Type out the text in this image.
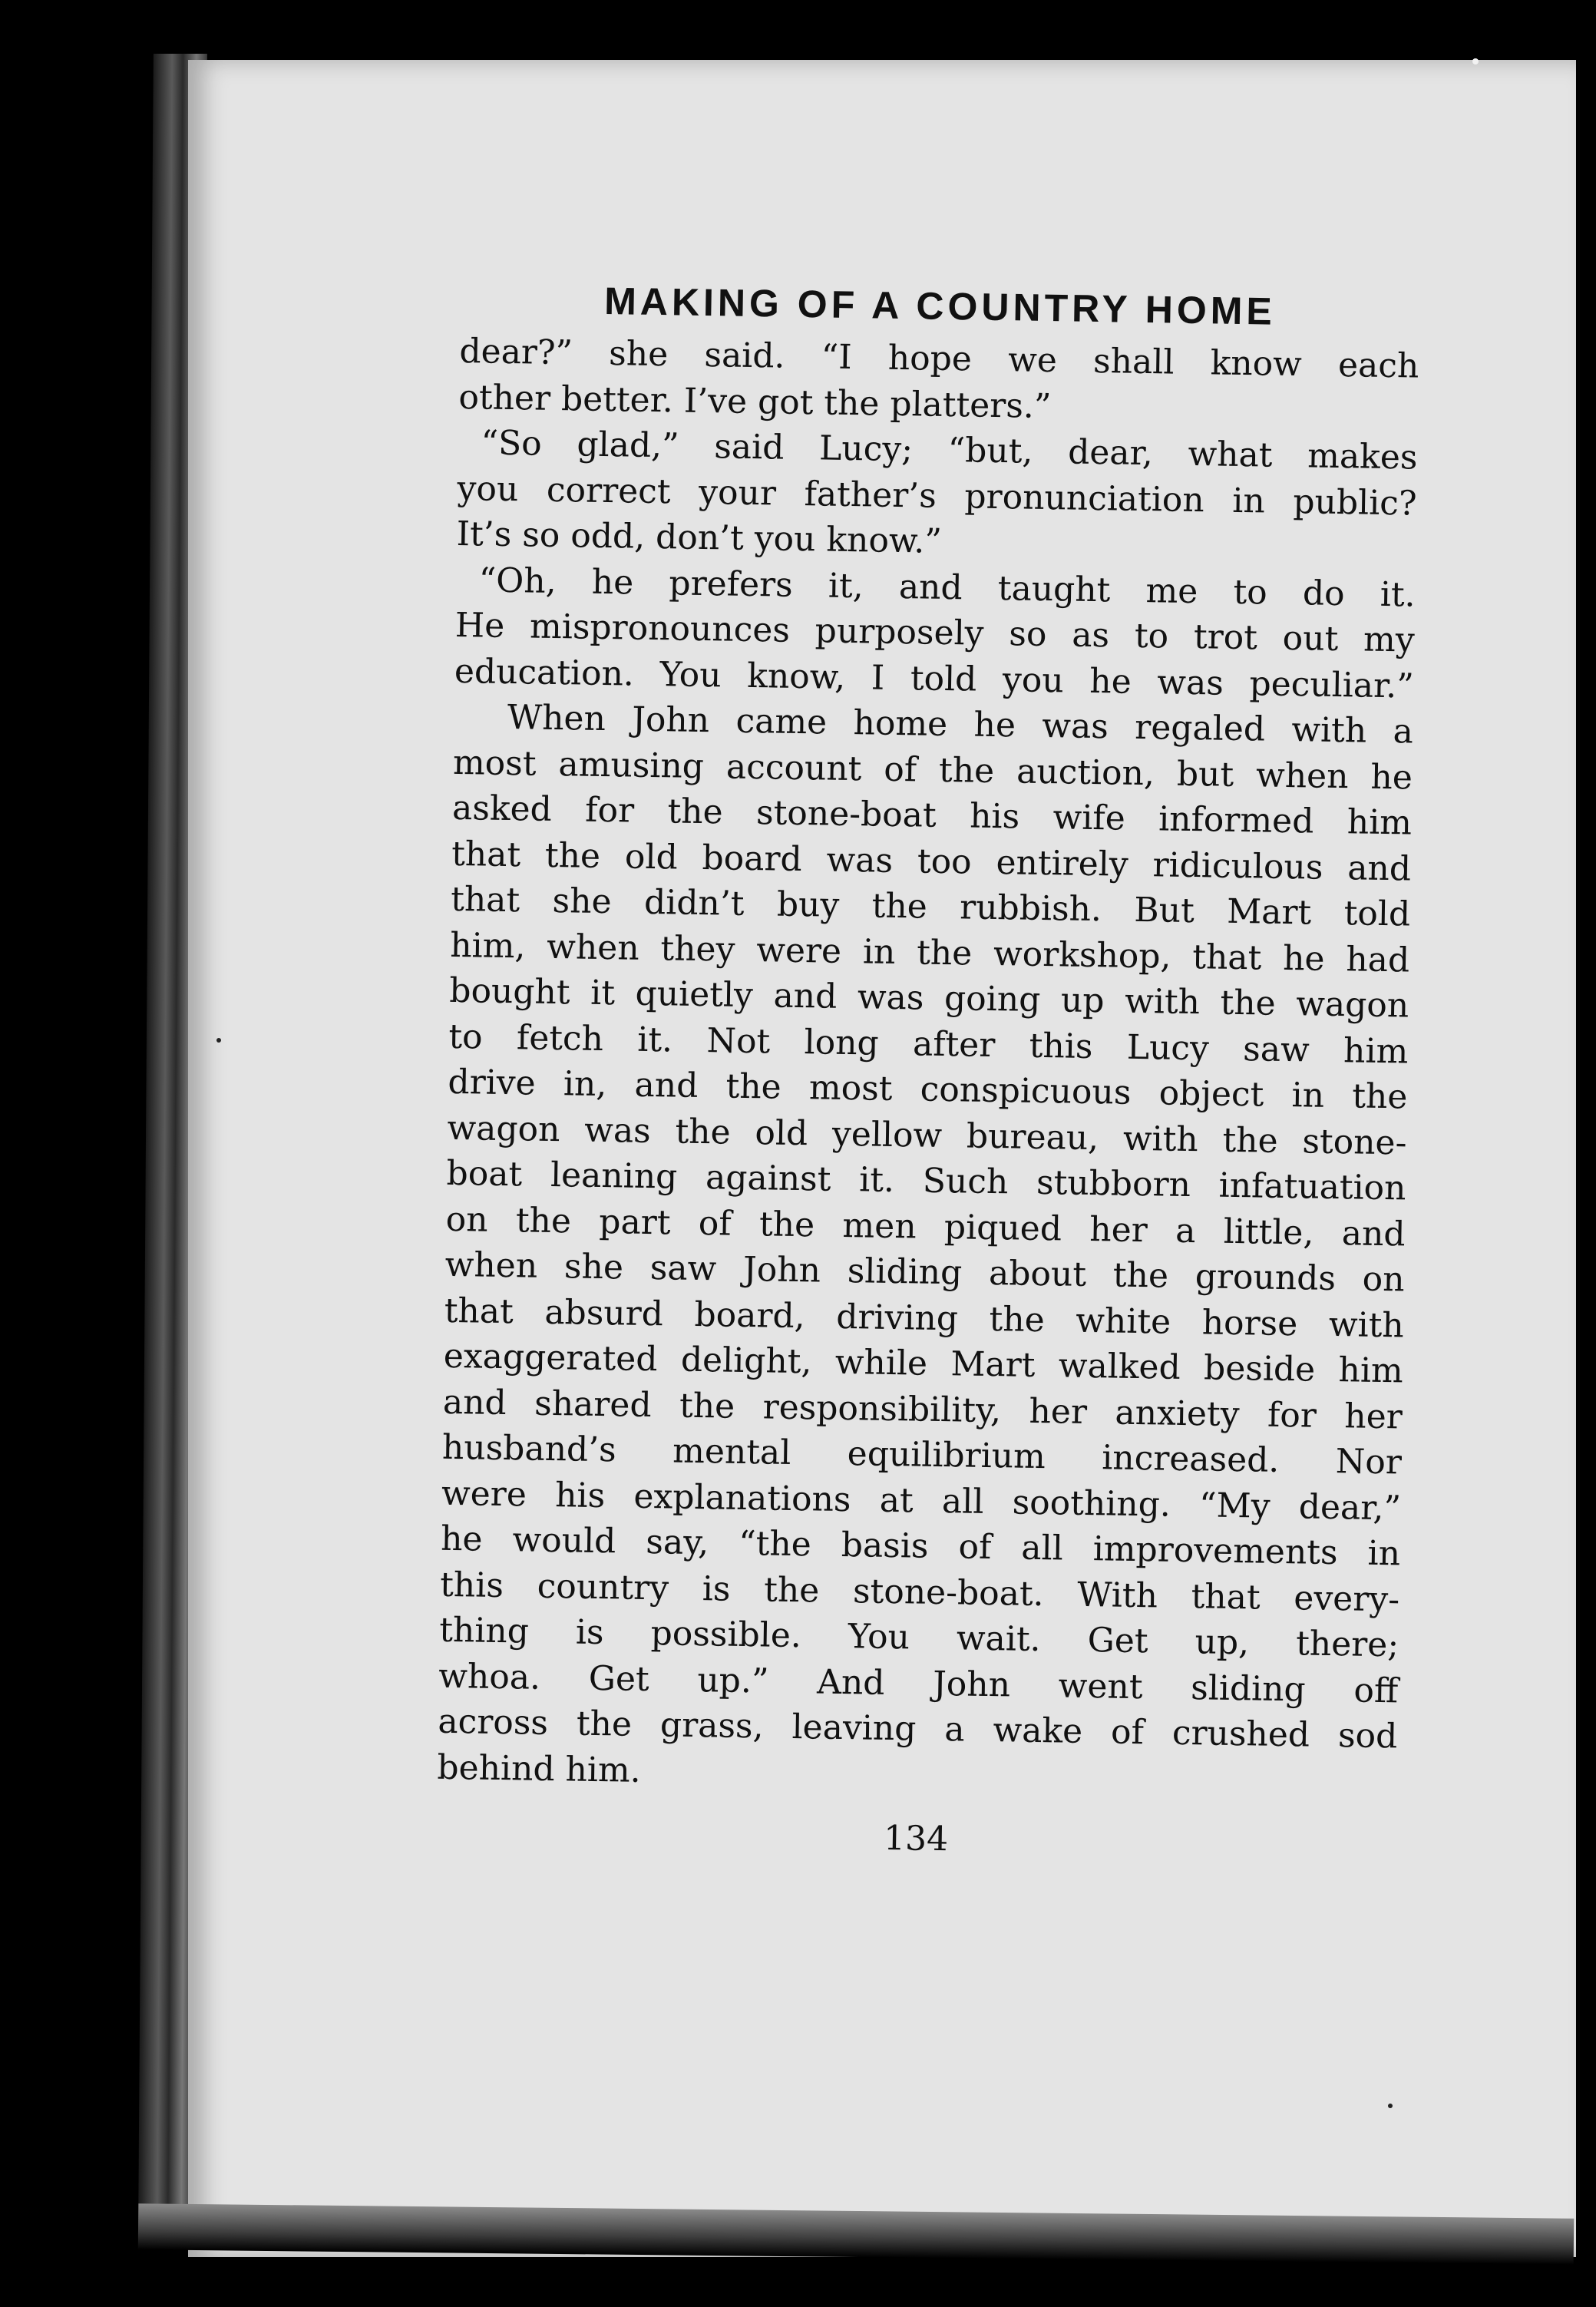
MAKING OF A COUNTRY HOME
dear?” she said. “I hope we shall know each
other better. I’ve got the platters.”
“So glad,” said Lucy; “but, dear, what makes
you correct your father’s pronunciation in public?
It’s so odd, don’t you know.”
“Oh, he prefers it, and taught me to do it.
He mispronounces purposely so as to trot out my
education. You know, I told you he was peculiar.”
When John came home he was regaled with a
most amusing account of the auction, but when he
asked for the stone-boat his wife informed him
that the old board was too entirely ridiculous and
that she didn’t buy the rubbish. But Mart told
him, when they were in the workshop, that he had
bought it quietly and was going up with the wagon
to fetch it. Not long after this Lucy saw him
drive in, and the most conspicuous object in the
wagon was the old yellow bureau, with the stone-
boat leaning against it. Such stubborn infatuation
on the part of the men piqued her a little, and
when she saw John sliding about the grounds on
that absurd board, driving the white horse with
exaggerated delight, while Mart walked beside him
and shared the responsibility, her anxiety for her
husband’s mental equilibrium increased. Nor
were his explanations at all soothing. “My dear,”
he would say, “the basis of all improvements in
this country is the stone-boat. With that every-
thing is possible. You wait. Get up, there;
whoa. Get up.” And John went sliding off
across the grass, leaving a wake of crushed sod
behind him.
134
